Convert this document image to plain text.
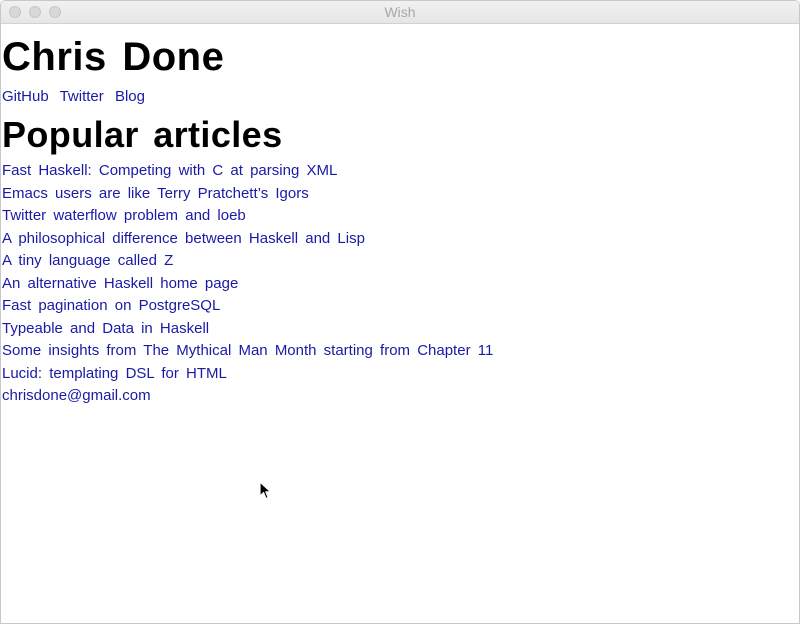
Wish
Chris Done
GitHub Twitter Blog
Popular articles
Fast Haskell: Competing with C at parsing XML
Emacs users are like Terry Pratchett’s Igors
Twitter waterflow problem and loeb
A philosophical difference between Haskell and Lisp
A tiny language called Z
An alternative Haskell home page
Fast pagination on PostgreSQL
Typeable and Data in Haskell
Some insights from The Mythical Man Month starting from Chapter 11
Lucid: templating DSL for HTML
chrisdone@gmail.com
